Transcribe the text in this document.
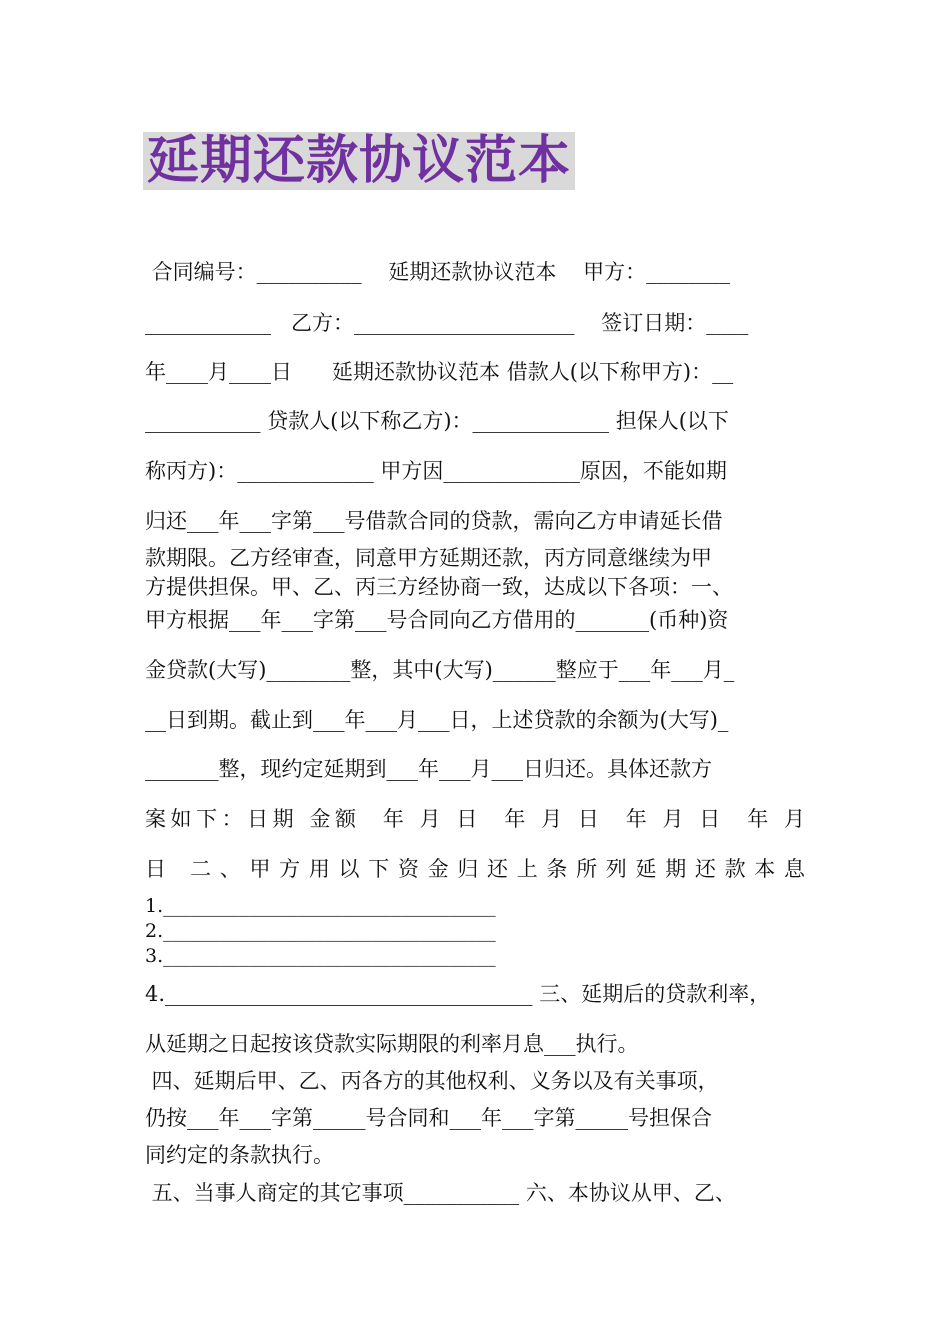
延期还款协议范本
合同编号：__________    延期还款协议范本    甲方：________
____________   乙方：_____________________    签订日期：____
年____月____日      延期还款协议范本 借款人(以下称甲方)：__
___________ 贷款人(以下称乙方)：_____________ 担保人(以下
称丙方)：_____________ 甲方因_____________原因，不能如期
归还___年___字第___号借款合同的贷款，需向乙方申请延长借
款期限。乙方经审查，同意甲方延期还款，丙方同意继续为甲
方提供担保。甲、乙、丙三方经协商一致，达成以下各项：一、
甲方根据___年___字第___号合同向乙方借用的_______(币种)资
金贷款(大写)________整，其中(大写)______整应于___年___月_
__日到期。截止到___年___月___日，上述贷款的余额为(大写)_
_______整，现约定延期到___年___月___日归还。具体还款方
案如下：日期 金额  年 月 日  年 月 日  年 月 日  年 月
日 二、甲方用以下资金归还上条所列延期还款本息
1.___________________________________
2.___________________________________
3.___________________________________
4.___________________________________ 三、延期后的贷款利率，
从延期之日起按该贷款实际期限的利率月息___执行。
四、延期后甲、乙、丙各方的其他权利、义务以及有关事项，
仍按___年___字第_____号合同和___年___字第_____号担保合
同约定的条款执行。
五、当事人商定的其它事项___________ 六、本协议从甲、乙、
